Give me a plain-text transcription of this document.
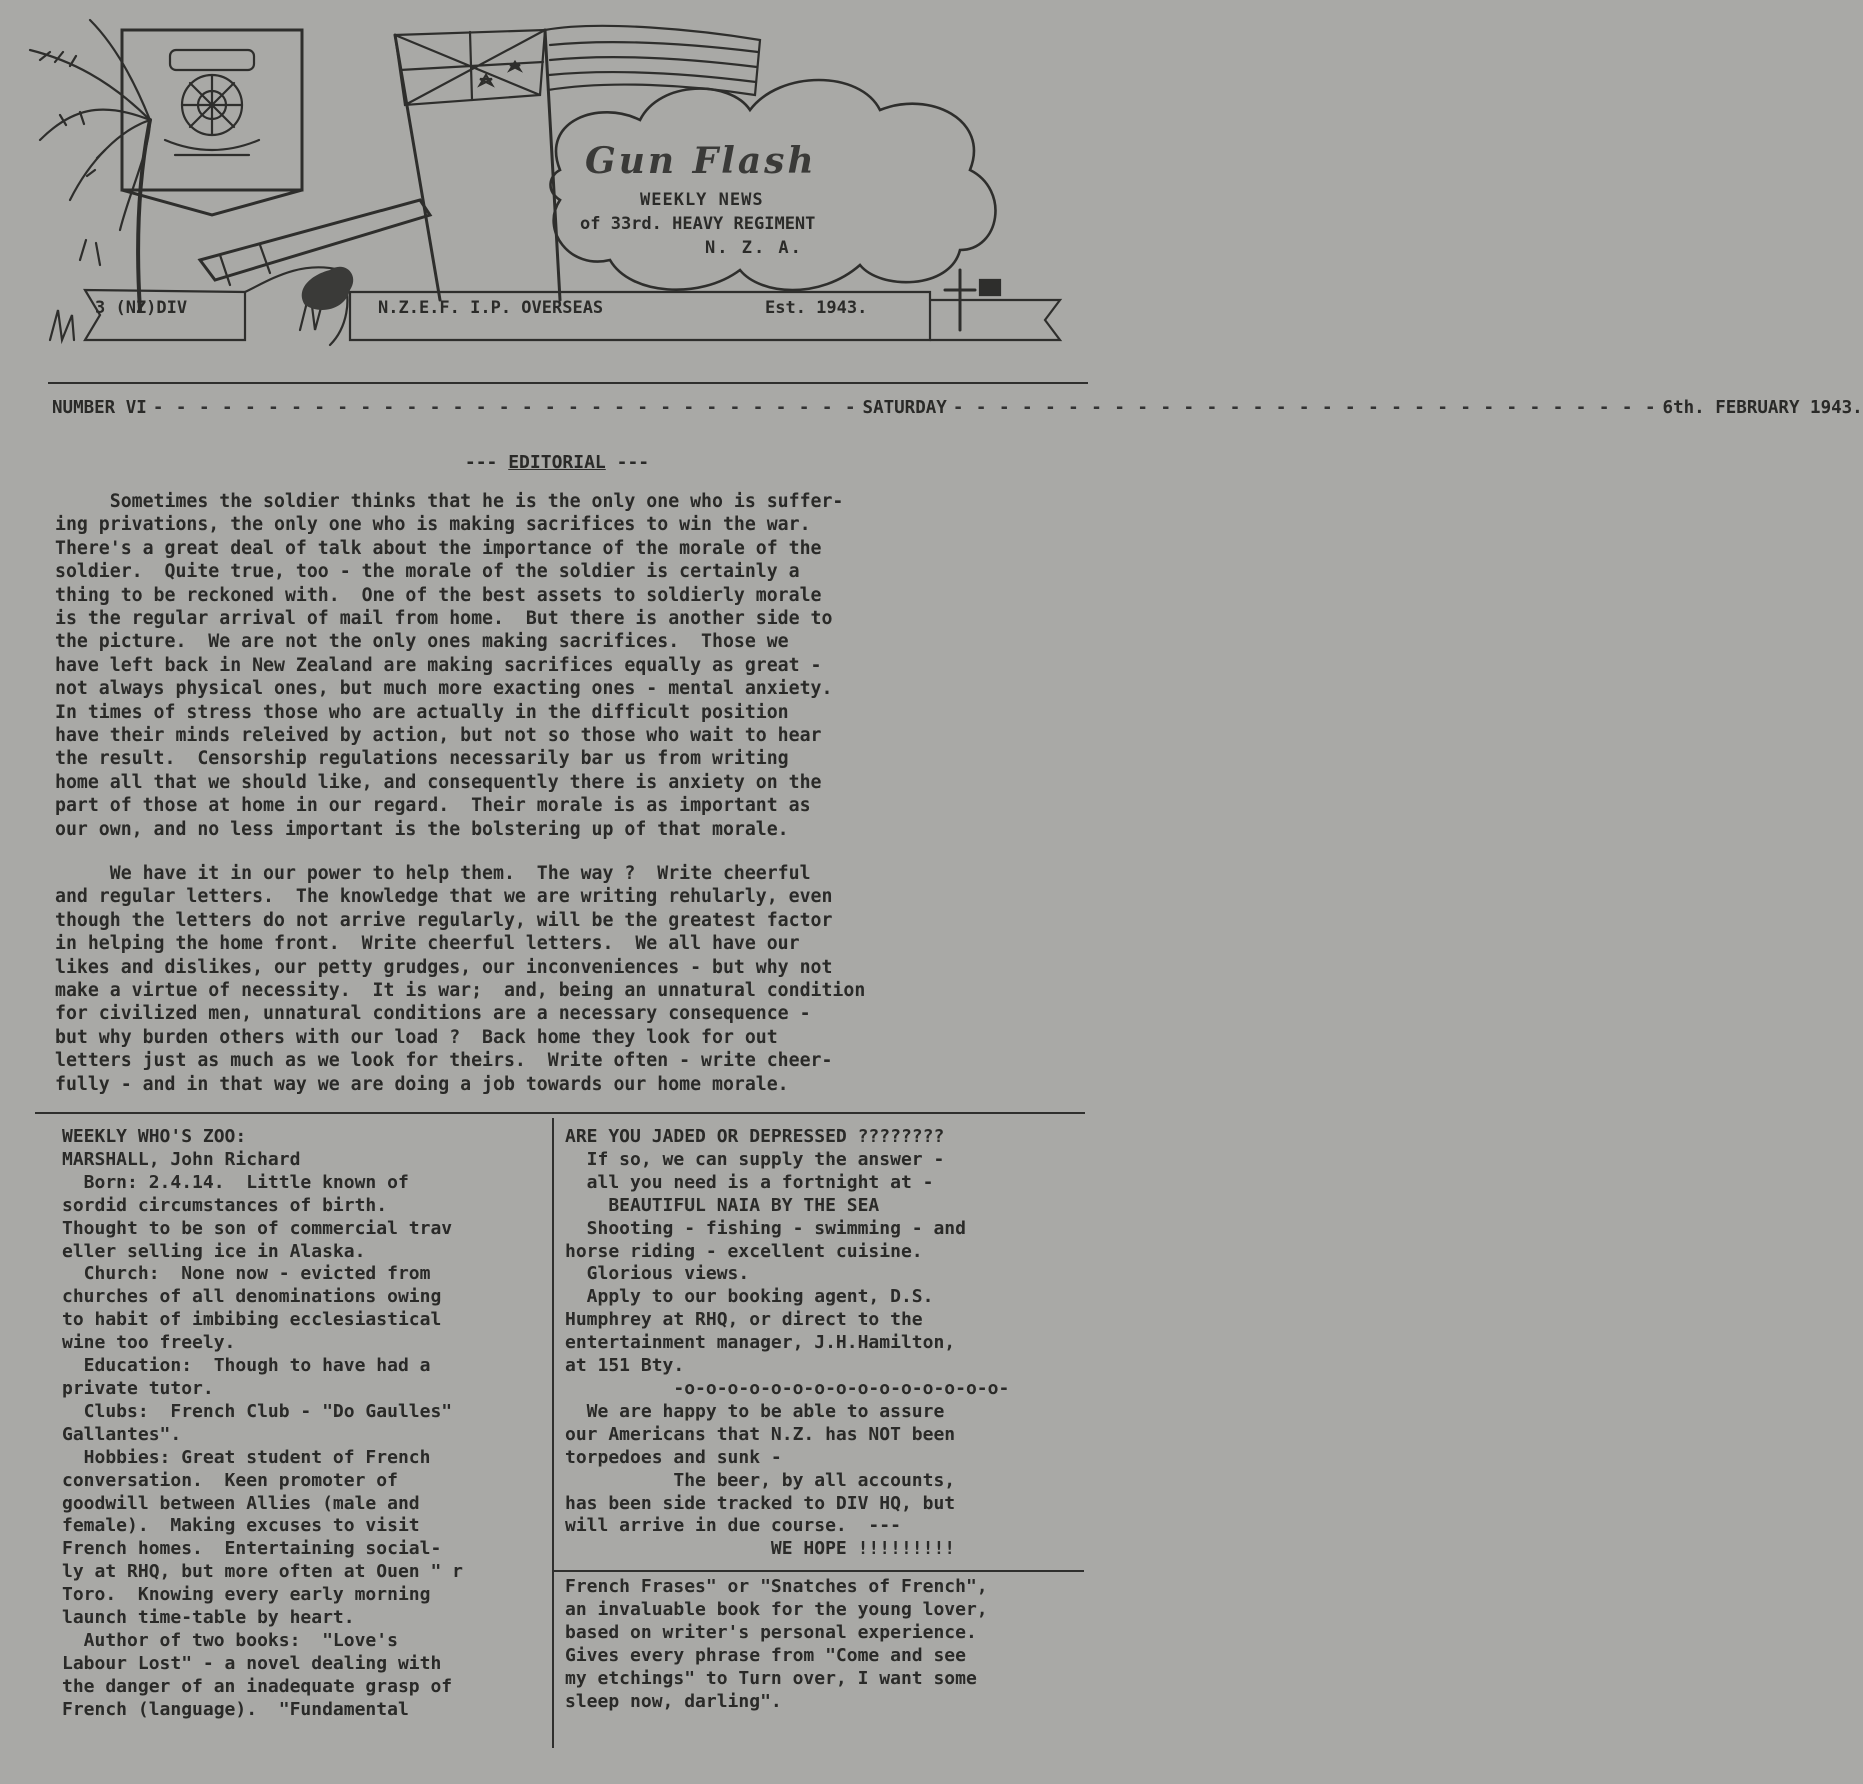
Gun Flash
WEEKLY NEWS
of 33rd. HEAVY REGIMENT
N. Z. A.
3 (NZ)DIV	N.Z.E.F. I.P. OVERSEAS	Est. 1943.
NUMBER VI - - - - - - - - - - - - - - - - - - - - - - - - - - - - - - - SATURDAY - - - - - - - - - - - - - - - - - - - - - - - - - - - - - - - 6th. FEBRUARY 1943.
--- EDITORIAL ---
Sometimes the soldier thinks that he is the only one who is suffer-
ing privations, the only one who is making sacrifices to win the war.
There's a great deal of talk about the importance of the morale of the
soldier.  Quite true, too - the morale of the soldier is certainly a
thing to be reckoned with.  One of the best assets to soldierly morale
is the regular arrival of mail from home.  But there is another side to
the picture.  We are not the only ones making sacrifices.  Those we
have left back in New Zealand are making sacrifices equally as great -
not always physical ones, but much more exacting ones - mental anxiety.
In times of stress those who are actually in the difficult position
have their minds releived by action, but not so those who wait to hear
the result.  Censorship regulations necessarily bar us from writing
home all that we should like, and consequently there is anxiety on the
part of those at home in our regard.  Their morale is as important as
our own, and no less important is the bolstering up of that morale.
We have it in our power to help them.  The way ?  Write cheerful
and regular letters.  The knowledge that we are writing rehularly, even
though the letters do not arrive regularly, will be the greatest factor
in helping the home front.  Write cheerful letters.  We all have our
likes and dislikes, our petty grudges, our inconveniences - but why not
make a virtue of necessity.  It is war;  and, being an unnatural condition
for civilized men, unnatural conditions are a necessary consequence -
but why burden others with our load ?  Back home they look for out
letters just as much as we look for theirs.  Write often - write cheer-
fully - and in that way we are doing a job towards our home morale.
WEEKLY WHO'S ZOO:
MARSHALL, John Richard
Born: 2.4.14.  Little known of
sordid circumstances of birth.
Thought to be son of commercial trav
eller selling ice in Alaska.
Church:  None now - evicted from
churches of all denominations owing
to habit of imbibing ecclesiastical
wine too freely.
Education:  Though to have had a
private tutor.
Clubs:  French Club - "Do Gaulles"
Gallantes".
Hobbies: Great student of French
conversation.  Keen promoter of
goodwill between Allies (male and
female).  Making excuses to visit
French homes.  Entertaining social-
ly at RHQ, but more often at Ouen " r
Toro.  Knowing every early morning
launch time-table by heart.
Author of two books:  "Love's
Labour Lost" - a novel dealing with
the danger of an inadequate grasp of
French (language).  "Fundamental
ARE YOU JADED OR DEPRESSED ????????
If so, we can supply the answer -
all you need is a fortnight at -
BEAUTIFUL NAIA BY THE SEA
Shooting - fishing - swimming - and
horse riding - excellent cuisine.
Glorious views.
Apply to our booking agent, D.S.
Humphrey at RHQ, or direct to the
entertainment manager, J.H.Hamilton,
at 151 Bty.
-o-o-o-o-o-o-o-o-o-o-o-o-o-o-o-
We are happy to be able to assure
our Americans that N.Z. has NOT been
torpedoes and sunk -
The beer, by all accounts,
has been side tracked to DIV HQ, but
will arrive in due course.  ---
WE HOPE !!!!!!!!!
French Frases" or "Snatches of French",
an invaluable book for the young lover,
based on writer's personal experience.
Gives every phrase from "Come and see
my etchings" to Turn over, I want some
sleep now, darling".
